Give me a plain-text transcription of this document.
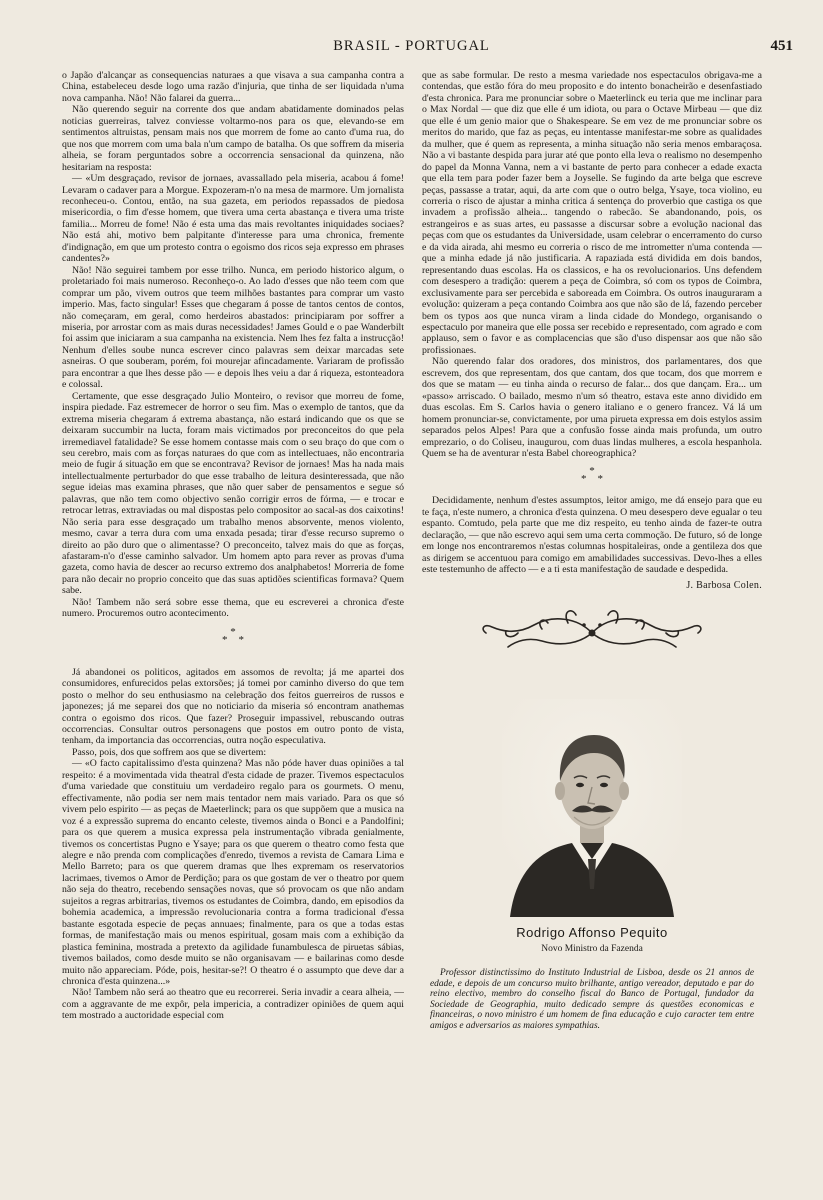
BRASIL - PORTUGAL	451

o Japão d'alcançar as consequencias naturaes a que visava a sua campanha contra a China, estabeleceu desde logo uma razão d'injuria, que tinha de ser liquidada n'uma nova campanha. Não! Não falarei da guerra...

Não querendo seguir na corrente dos que andam abatidamente dominados pelas noticias guerreiras, talvez conviesse voltarmo-nos para os que, elevando-se em sentimentos altruistas, pensam mais nos que morrem de fome ao canto d'uma rua, do que nos que morrem com uma bala n'um campo de batalha. Os que soffrem da miseria alheia, se foram perguntados sobre a occorrencia sensacional da quinzena, não hesitariam na resposta:

— «Um desgraçado, revisor de jornaes, avassallado pela miseria, acabou á fome! Levaram o cadaver para a Morgue. Expozeram-n'o na mesa de marmore. Um jornalista reconheceu-o. Contou, então, na sua gazeta, em periodos repassados de piedosa misericordia, o fim d'esse homem, que tivera uma certa abastança e tivera uma triste familia... Morreu de fome! Não é esta uma das mais revoltantes iniquidades sociaes? Não está ahi, motivo bem palpitante d'interesse para uma chronica, fremente d'indignação, em que um protesto contra o egoismo dos ricos seja expresso em phrases candentes?»

Não! Não seguirei tambem por esse trilho. Nunca, em periodo historico algum, o proletariado foi mais numeroso. Reconheço-o. Ao lado d'esses que não teem com que comprar um pão, vivem outros que teem milhões bastantes para comprar um vasto imperio. Mas, facto singular! Esses que chegaram á posse de tantos centos de contos, não começaram, em geral, como herdeiros abastados: principiaram por soffrer a miseria, por arrostar com as mais duras necessidades! James Gould e o pae Wanderbilt foi assim que iniciaram a sua campanha na existencia. Nem lhes fez falta a instrucção! Nenhum d'elles soube nunca escrever cinco palavras sem deixar marcadas sete asneiras. O que souberam, porém, foi mourejar afincadamente. Variaram de profissão para encontrar a que lhes desse pão — e depois lhes veiu a dar á riqueza, estonteadora e colossal.

Certamente, que esse desgraçado Julio Monteiro, o revisor que morreu de fome, inspira piedade. Faz estremecer de horror o seu fim. Mas o exemplo de tantos, que da extrema miseria chegaram á extrema abastança, não estará indicando que os que se deixaram succumbir na lucta, foram mais victimados por preconceitos do que pela irremediavel fatalidade? Se esse homem contasse mais com o seu braço do que com o seu cerebro, mais com as forças naturaes do que com as intellectuaes, não encontraria meio de fugir á situação em que se encontrava? Revisor de jornaes! Mas ha nada mais intellectualmente perturbador do que esse trabalho de leitura desinteressada, que não segue ideias mas examina phrases, que não quer saber de pensamentos e segue só palavras, que não tem como objectivo senão corrigir erros de fórma, — e trocar e retrocar letras, extraviadas ou mal dispostas pelo compositor ao sacal-as dos caixotins! Não seria para esse desgraçado um trabalho menos absorvente, menos violento, mesmo, cavar a terra dura com uma enxada pesada; tirar d'esse recurso supremo o direito ao pão duro que o alimentasse? O preconceito, talvez mais do que as forças, afastaram-n'o d'esse caminho salvador. Um homem apto para rever as provas d'uma gazeta, como havia de descer ao recurso extremo dos analphabetos! Morreria de fome para não decair no proprio conceito que das suas aptidões scientificas formava? Quem sabe.

Não! Tambem não será sobre esse thema, que eu escreverei a chronica d'este numero. Procuremos outro acontecimento.

*
* *

Já abandonei os politicos, agitados em assomos de revolta; já me apartei dos consumidores, enfurecidos pelas extorsões; já tomei por caminho diverso do que tem posto o melhor do seu enthusiasmo na celebração dos feitos guerreiros de russos e japonezes; já me separei dos que no noticiario da miseria só encontram anathemas contra o egoismo dos ricos. Que fazer? Proseguir impassivel, rebuscando outras occorrencias. Consultar outros personagens que postos em outro ponto de vista, tenham, da importancia das occorrencias, outra noção especulativa.

Passo, pois, dos que soffrem aos que se divertem:

— «O facto capitalissimo d'esta quinzena? Mas não póde haver duas opiniões a tal respeito: é a movimentada vida theatral d'esta cidade de prazer. Tivemos espectaculos d'uma variedade que constituiu um verdadeiro regalo para os gourmets. O menu, effectivamente, não podia ser nem mais tentador nem mais variado. Para os que só vivem pelo espirito — as peças de Maeterlinck; para os que suppõem que a musica na voz é a expressão suprema do encanto celeste, tivemos ainda o Bonci e a Pandolfini; para os que querem a musica expressa pela instrumentação vibrada genialmente, tivemos os concertistas Pugno e Ysaye; para os que querem o theatro como festa que alegre e não prenda com complicações d'enredo, tivemos a revista de Camara Lima e Mello Barreto; para os que querem dramas que lhes expremam os reservatorios lacrimaes, tivemos o Amor de Perdição; para os que gostam de ver o theatro por quem não seja do theatro, recebendo sensações novas, que só provocam os que não andam sujeitos a regras arbitrarias, tivemos os estudantes de Coimbra, dando, em episodios da bohemia academica, a impressão revolucionaria contra a forma tradicional d'essa bastante esgotada especie de peças annuaes; finalmente, para os que a todas estas formas, de manifestação mais ou menos espiritual, gosam mais com a exhibição da plastica feminina, mostrada a pretexto da agilidade funambulesca de piruetas sábias, tivemos bailados, como desde muito se não organisavam — e bailarinas como desde muito não appareciam. Póde, pois, hesitar-se?! O theatro é o assumpto que deve dar a chronica d'esta quinzena...»

Não! Tambem não será ao theatro que eu recorrerei. Seria invadir a ceara alheia, — com a aggravante de me expôr, pela impericia, a contradizer opiniões de quem aqui tem mostrado a auctoridade especial com

que as sabe formular. De resto a mesma variedade nos espectaculos obrigava-me a contendas, que estão fóra do meu proposito e do intento bonacheirão e desenfastiado d'esta chronica. Para me pronunciar sobre o Maeterlinck eu teria que me inclinar para o Max Nordal — que diz que elle é um idiota, ou para o Octave Mirbeau — que diz que elle é um genio maior que o Shakespeare. Se em vez de me pronunciar sobre os meritos do marido, que faz as peças, eu intentasse manifestar-me sobre as qualidades da mulher, que é quem as representa, a minha situação não seria menos embaraçosa. Não a vi bastante despida para jurar até que ponto ella leva o realismo no desempenho do papel da Monna Vanna, nem a vi bastante de perto para conhecer a edade exacta que ella tem para poder fazer bem a Joyselle. Se fugindo da arte belga que escreve peças, passasse a tratar, aqui, da arte com que o outro belga, Ysaye, toca violino, eu correria o risco de ajustar a minha critica á sentença do proverbio que castiga os que invadem a profissão alheia... tangendo o rabecão. Se abandonando, pois, os estrangeiros e as suas artes, eu passasse a discursar sobre a evolução nacional das peças com que os estudantes da Universidade, usam celebrar o encerramento do curso e da vida airada, ahi mesmo eu correria o risco de me intrometter n'uma contenda — que a minha edade já não justificaria. A rapaziada está dividida em dois bandos, representando duas escolas. Ha os classicos, e ha os revolucionarios. Uns defendem com desespero a tradição: querem a peça de Coimbra, só com os typos de Coimbra, exclusivamente para ser percebida e saboreada em Coimbra. Os outros inauguraram a evolução: quizeram a peça contando Coimbra aos que não são de lá, fazendo perceber bem os typos aos que nunca viram a linda cidade do Mondego, organisando o espectaculo por maneira que elle possa ser recebido e representado, com agrado e com applauso, sem o favor e as complacencias que são d'uso dispensar aos que não são profissionaes.

Não querendo falar dos oradores, dos ministros, dos parlamentares, dos que escrevem, dos que representam, dos que cantam, dos que tocam, dos que morrem e dos que se matam — eu tinha ainda o recurso de falar... dos que dançam. Era... um «passo» arriscado. O bailado, mesmo n'um só theatro, estava este anno dividido em duas escolas. Em S. Carlos havia o genero italiano e o genero francez. Vá lá um homem pronunciar-se, convictamente, por uma pirueta expressa em dois estylos assim separados pelos Alpes! Para que a confusão fosse ainda mais profunda, um outro emprezario, o do Coliseu, inaugurou, com duas lindas mulheres, a escola hespanhola. Quem se ha de aventurar n'esta Babel choreographica?

*
* *

Decididamente, nenhum d'estes assumptos, leitor amigo, me dá ensejo para que eu te faça, n'este numero, a chronica d'esta quinzena. O meu desespero deve egualar o teu espanto. Comtudo, pela parte que me diz respeito, eu tenho ainda de fazer-te outra declaração, — que não escrevo aqui sem uma certa commoção. De futuro, só de longe em longe nos encontraremos n'estas columnas hospitaleiras, onde a gentileza dos que as dirigem se accentuou para comigo em amabilidades successivas. Devo-lhes a elles este testemunho de affecto — e a ti esta manifestação de saudade e despedida.

J. Barbosa Colen.
Rodrigo Affonso Pequito
Novo Ministro da Fazenda
Professor distinctissimo do Instituto Industrial de Lisboa, desde os 21 annos de edade, e depois de um concurso muito brilhante, antigo vereador, deputado e par do reino electivo, membro do conselho fiscal do Banco de Portugal, fundador da Sociedade de Geographia, muito dedicado sempre ás questões economicas e financeiras, o novo ministro é um homem de fina educação e cujo caracter tem entre amigos e adversarios as maiores sympathias.
